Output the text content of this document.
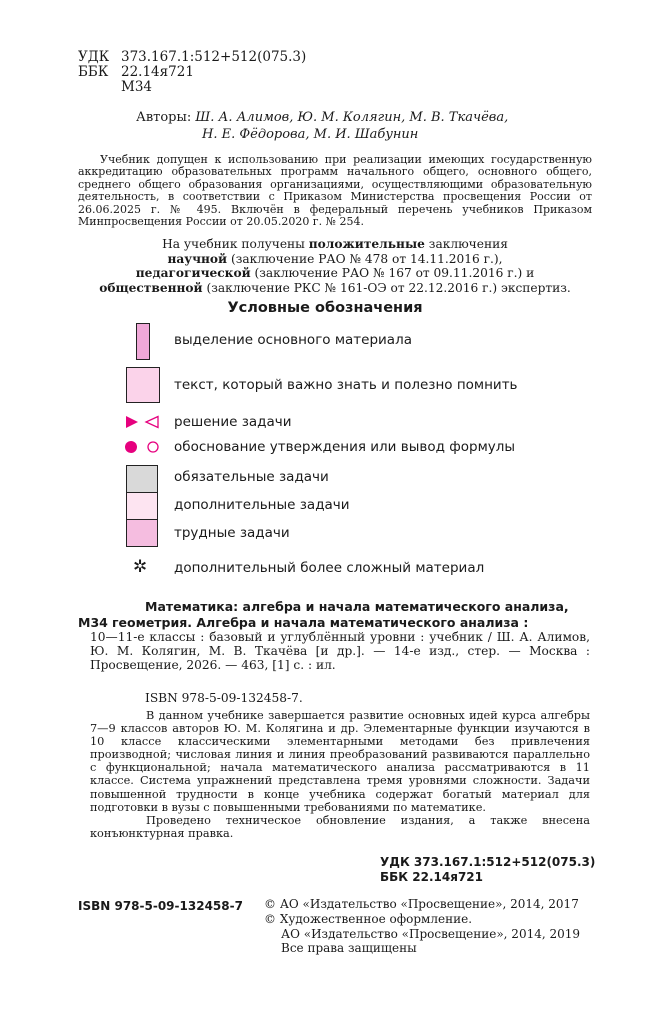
УДК 373.167.1:512+512(075.3)
ББК 22.14я721
М34
Авторы: Ш. А. Алимов, Ю. М. Колягин, М. В. Ткачёва,
Н. Е. Фёдорова, М. И. Шабунин
Учебник допущен к использованию при реализации имеющих государственную аккредитацию образовательных программ начального общего, основного общего, среднего общего образования организациями, осуществляющими образовательную деятельность, в соответствии с Приказом Министерства просвещения России от 26.06.2025 г. № 495. Включён в федеральный перечень учебников Приказом Минпросвещения России от 20.05.2020 г. № 254.
На учебник получены положительные заключения
научной (заключение РАО № 478 от 14.11.2016 г.),
педагогической (заключение РАО № 167 от 09.11.2016 г.) и
общественной (заключение РКС № 161-ОЭ от 22.12.2016 г.) экспертиз.
Условные обозначения
выделение основного материала
текст, который важно знать и полезно помнить
решение задачи
обоснование утверждения или вывод формулы
обязательные задачи
дополнительные задачи
трудные задачи
✲ дополнительный более сложный материал
Математика: алгебра и начала математического анализа,
М34 геометрия. Алгебра и начала математического анализа :
10—11-е классы : базовый и углублённый уровни : учебник / Ш. А. Алимов, Ю. М. Колягин, М. В. Ткачёва [и др.]. — 14-е изд., стер. — Москва : Просвещение, 2026. — 463, [1] с. : ил.
ISBN 978-5-09-132458-7.

В данном учебнике завершается развитие основных идей курса алгебры 7—9 классов авторов Ю. М. Колягина и др. Элементарные функции изучаются в 10 классе классическими элементарными методами без привлечения производной; числовая линия и линия преобразований развиваются параллельно с функциональной; начала математического анализа рассматриваются в 11 классе. Система упражнений представлена тремя уровнями сложности. Задачи повышенной трудности в конце учебника содержат богатый материал для подготовки в вузы с повышенными требованиями по математике.

Проведено техническое обновление издания, а также внесена конъюнктурная правка.

УДК 373.167.1:512+512(075.3)
ББК 22.14я721
ISBN 978-5-09-132458-7 © АО «Издательство «Просвещение», 2014, 2017
© Художественное оформление.
АО «Издательство «Просвещение», 2014, 2019
Все права защищены
